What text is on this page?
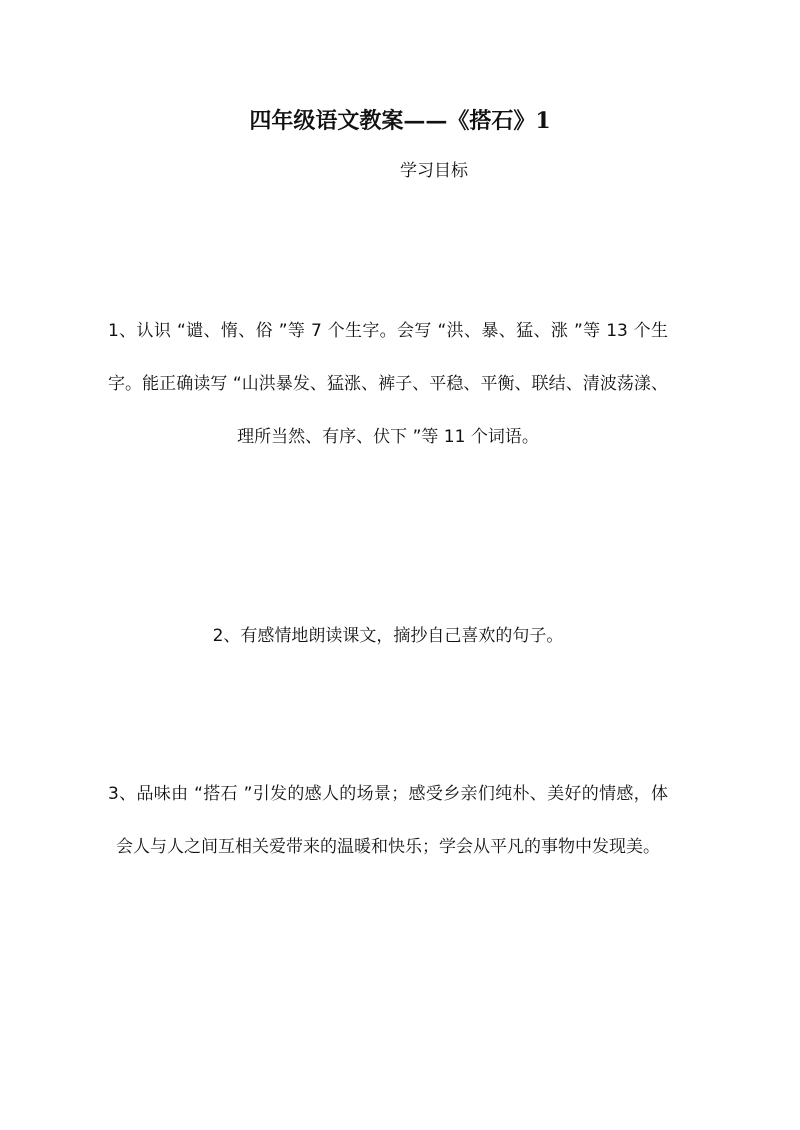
四年级语文教案——《搭石》1
学习目标

1、认识 “谴、惰、俗 ”等 7 个生字。会写 “洪、暴、猛、涨 ”等 13 个生字。能正确读写 “山洪暴发、猛涨、裤子、平稳、平衡、联结、清波荡漾、理所当然、有序、伏下 ”等 11 个词语。

2、有感情地朗读课文，摘抄自己喜欢的句子。

3、品味由 “搭石 ”引发的感人的场景；感受乡亲们纯朴、美好的情感，体会人与人之间互相关爱带来的温暖和快乐；学会从平凡的事物中发现美。
